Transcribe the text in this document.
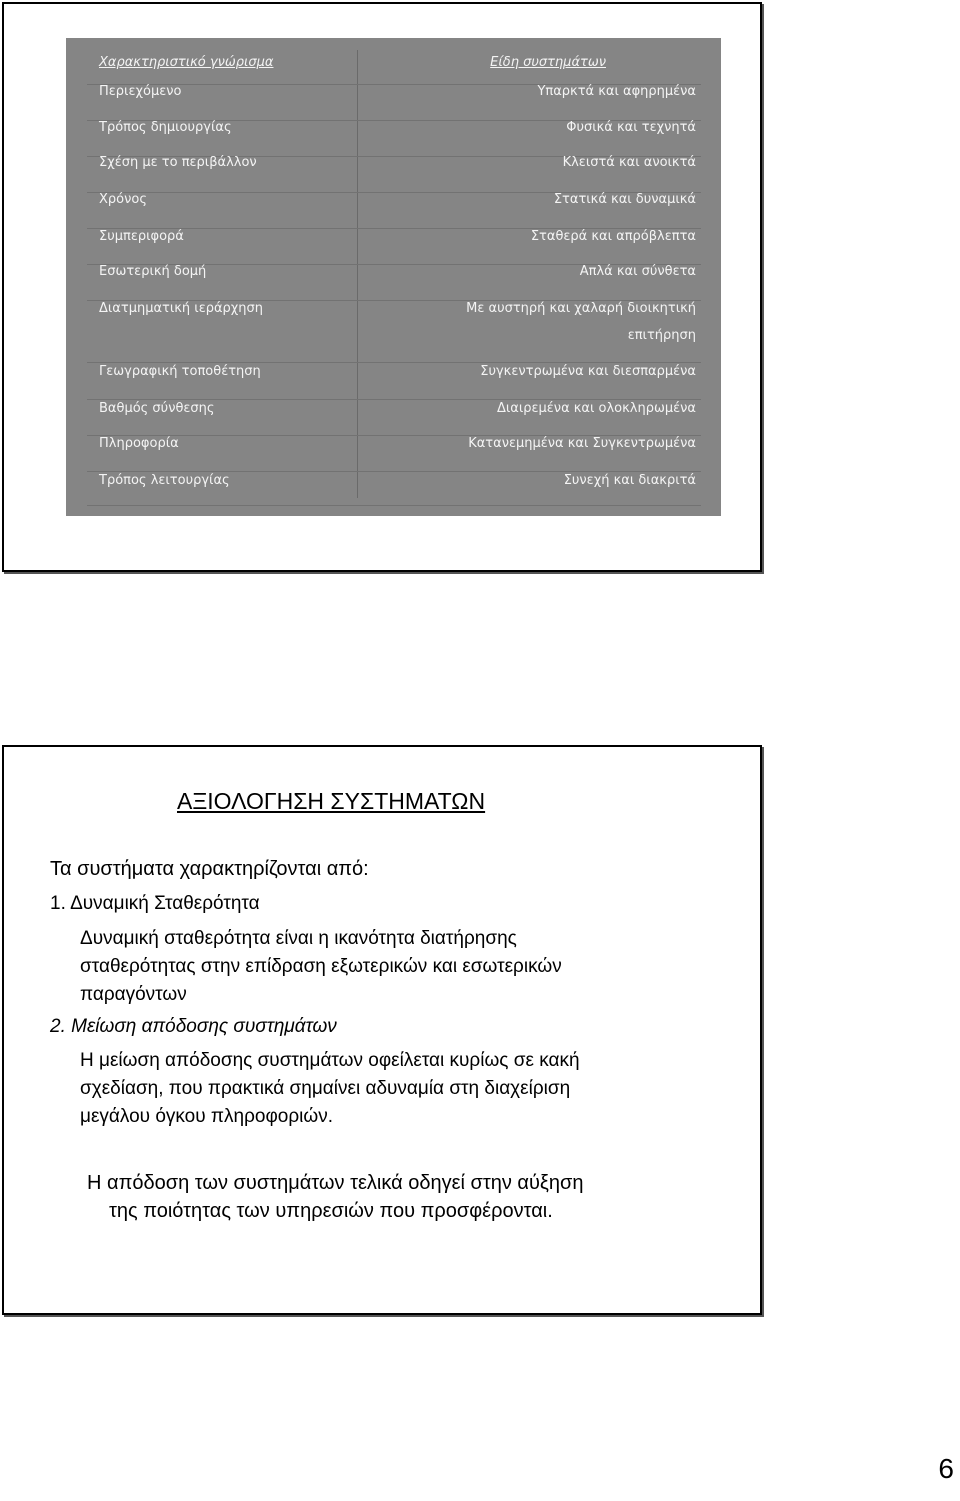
Χαρακτηριστικό γνώρισμα	Είδη συστημάτων
Περιεχόμενο	Υπαρκτά και αφηρημένα
Τρόπος δημιουργίας	Φυσικά και τεχνητά
Σχέση με το περιβάλλον	Κλειστά και ανοικτά
Χρόνος	Στατικά και δυναμικά
Συμπεριφορά	Σταθερά και απρόβλεπτα
Εσωτερική δομή	Απλά και σύνθετα
Διατμηματική ιεράρχηση	Με αυστηρή και χαλαρή διοικητική
επιτήρηση
Γεωγραφική τοποθέτηση	Συγκεντρωμένα και διεσπαρμένα
Βαθμός σύνθεσης	Διαιρεμένα και ολοκληρωμένα
Πληροφορία	Κατανεμημένα και Συγκεντρωμένα
Τρόπος λειτουργίας	Συνεχή και διακριτά
ΑΞΙΟΛΟΓΗΣΗ ΣΥΣΤΗΜΑΤΩΝ
Τα συστήματα χαρακτηρίζονται από:
1. Δυναμική Σταθερότητα
Δυναμική σταθερότητα είναι η ικανότητα διατήρησης
σταθερότητας στην επίδραση εξωτερικών και εσωτερικών
παραγόντων
2. Μείωση απόδοσης συστημάτων
Η μείωση απόδοσης συστημάτων οφείλεται κυρίως σε κακή
σχεδίαση, που πρακτικά σημαίνει αδυναμία στη διαχείριση
μεγάλου όγκου πληροφοριών.
Η απόδοση των συστημάτων τελικά οδηγεί στην αύξηση
της ποιότητας των υπηρεσιών που προσφέρονται.
6
